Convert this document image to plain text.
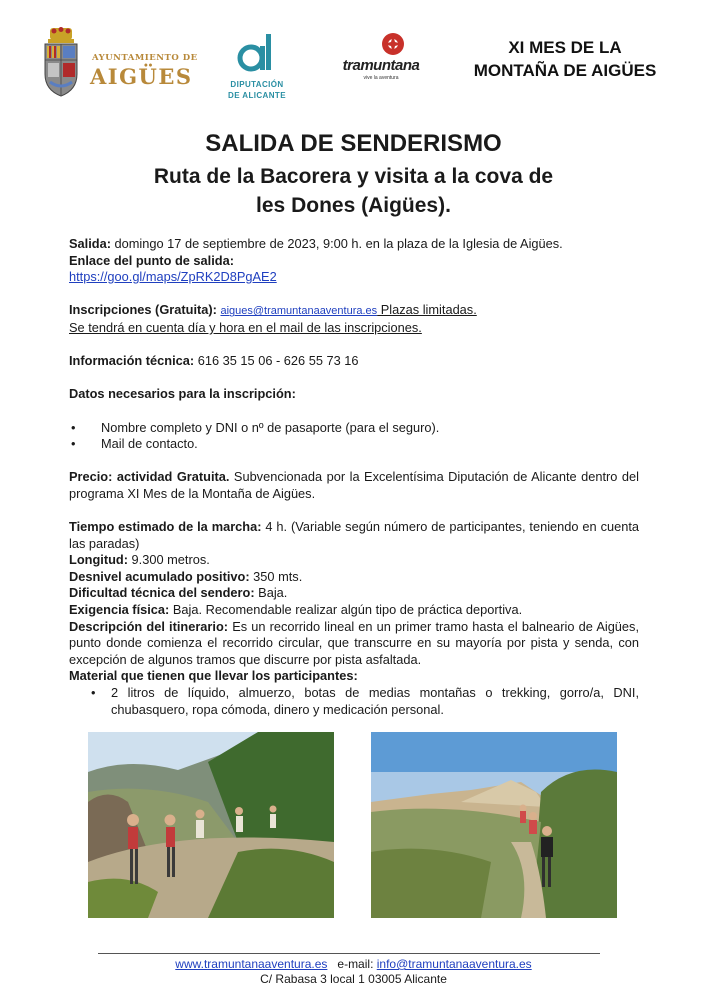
AYUNTAMIENTO DE
AIGÜES	DIPUTACIÓN
DE ALICANTE
tramuntana
vive la aventura
XI MES DE LA
MONTAÑA DE AIGÜES
SALIDA DE SENDERISMO
Ruta de la Bacorera y visita a la cova de
les Dones (Aigües).

Salida: domingo 17 de septiembre de 2023, 9:00 h. en la plaza de la Iglesia de Aigües.

Enlace del punto de salida:

https://goo.gl/maps/ZpRK2D8PgAE2

Inscripciones (Gratuita): aigues@tramuntanaaventura.es Plazas limitadas.

Se tendrá en cuenta día y hora en el mail de las inscripciones.

Información técnica: 616 35 15 06 - 626 55 73 16

Datos necesarios para la inscripción:

• Nombre completo y DNI o nº de pasaporte (para el seguro).

• Mail de contacto.

Precio: actividad Gratuita. Subvencionada por la Excelentísima Diputación de Alicante dentro del programa XI Mes de la Montaña de Aigües.

Tiempo estimado de la marcha: 4 h. (Variable según número de participantes, teniendo en cuenta las paradas)

Longitud: 9.300 metros.

Desnivel acumulado positivo: 350 mts.

Dificultad técnica del sendero: Baja.

Exigencia física: Baja. Recomendable realizar algún tipo de práctica deportiva.

Descripción del itinerario: Es un recorrido lineal en un primer tramo hasta el balneario de Aigües, punto donde comienza el recorrido circular, que transcurre en su mayoría por pista y senda, con excepción de algunos tramos que discurre por pista asfaltada.

Material que tienen que llevar los participantes:

• 2 litros de líquido, almuerzo, botas de medias montañas o trekking, gorro/a, DNI, chubasquero, ropa cómoda, dinero y medicación personal.

www.tramuntanaaventura.es   e-mail: info@tramuntanaaventura.es
C/ Rabasa 3 local 1 03005 Alicante
